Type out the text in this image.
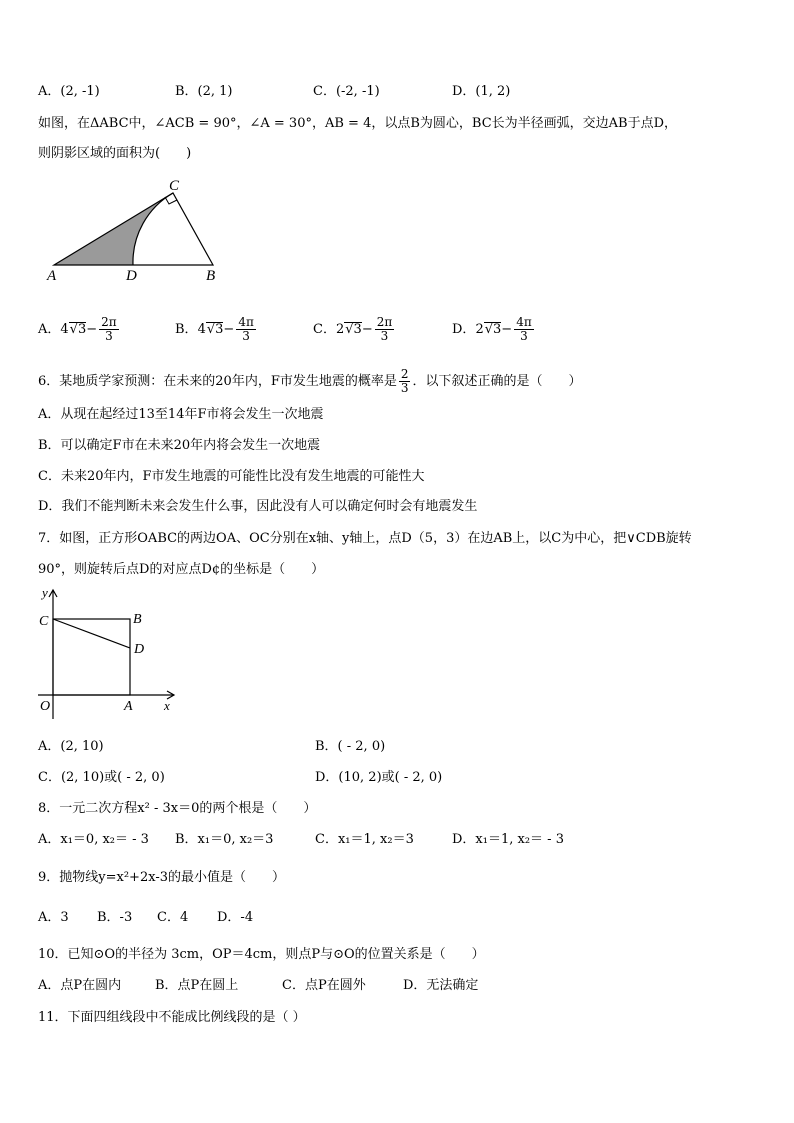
A．(2, -1)	B．(2, 1)	C．(-2, -1)	D．(1, 2)
如图，在ΔABC中，∠ACB = 90°，∠A = 30°，AB = 4，以点B为圆心，BC长为半径画弧，交边AB于点D，
则阴影区域的面积为(　　)
A	D	B
C
A．$4√3- \frac{2\pi}{3}$	B．$4√3- \frac{4\pi}{3}$	C．$2√3- \frac{2\pi}{3}$	D．$2√3- \frac{4\pi}{3}$
6．某地质学家预测：在未来的20年内，F市发生地震的概率是 $\frac{2}{3}$ ．以下叙述正确的是（　　）
A．从现在起经过13至14年F市将会发生一次地震
B．可以确定F市在未来20年内将会发生一次地震
C．未来20年内，F市发生地震的可能性比没有发生地震的可能性大
D．我们不能判断未来会发生什么事，因此没有人可以确定何时会有地震发生
7．如图，正方形OABC的两边OA、OC分别在x轴、y轴上，点D（5，3）在边AB上，以C为中心，把∨CDB旋转
90°，则旋转后点D的对应点D¢的坐标是（　　）
y
C	B
D
O	A x
A．(2, 10)	B．( - 2, 0)
C．(2, 10)或( - 2, 0)	D．(10, 2)或( - 2, 0)
8．一元二次方程x² - 3x＝0的两个根是（　　）
A．x₁＝0, x₂＝ - 3 B．x₁＝0, x₂＝3	C．x₁＝1, x₂＝3	D．x₁＝1, x₂＝ - 3
9．抛物线y=x²+2x-3的最小值是（　　）
A．3 B．-3 C．4 D．-4
10．已知⊙O的半径为 3cm，OP＝4cm，则点P与⊙O的位置关系是（　　）
A．点P在圆内	B．点P在圆上	C．点P在圆外	D．无法确定
11．下面四组线段中不能成比例线段的是（ ）
